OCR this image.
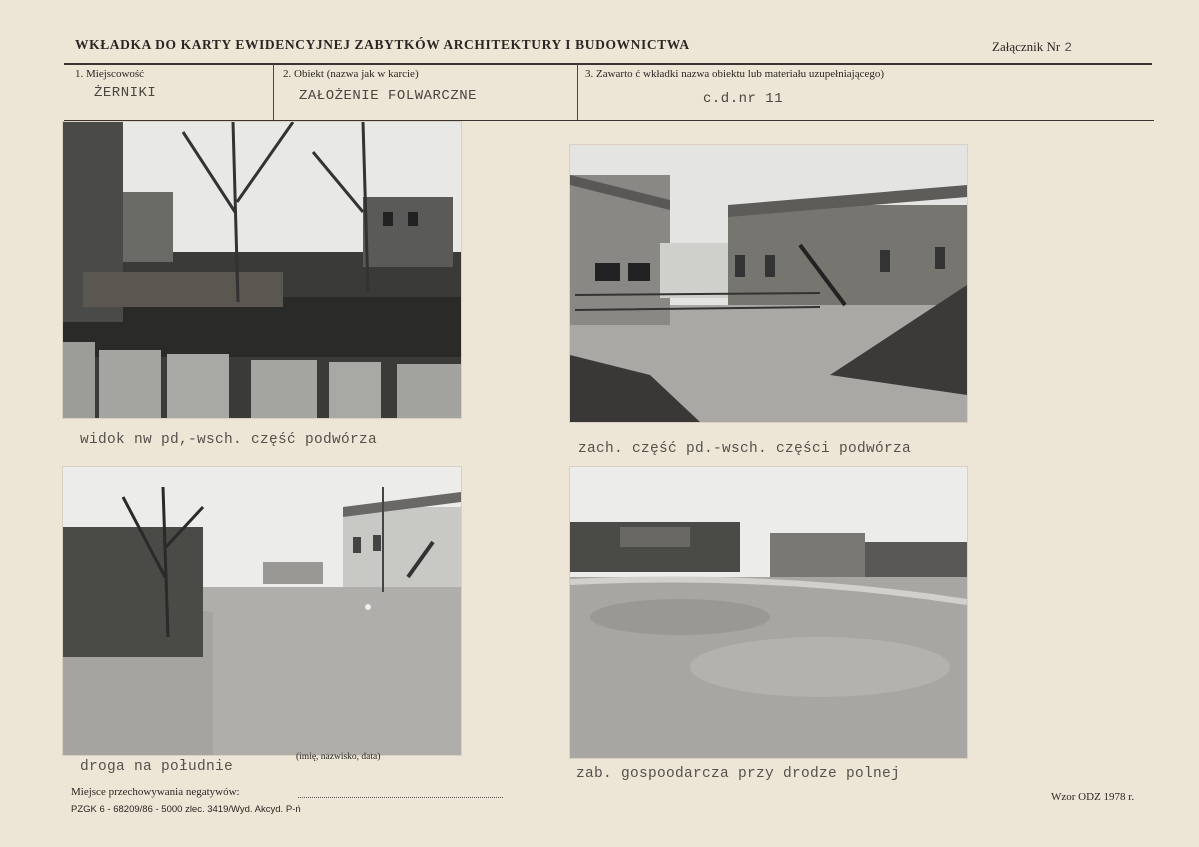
WKŁADKA DO KARTY EWIDENCYJNEJ ZABYTKÓW ARCHITEKTURY I BUDOWNICTWA	Załącznik Nr 2
1. Miejscowość
ŻERNIKI
2. Obiekt (nazwa jak w karcie)
ZAŁOŻENIE FOLWARCZNE
3. Zawarto ć wkładki nazwa obiektu lub materiału uzupełniającego)
c.d.nr 11
widok nw pd,-wsch. część podwórza
zach. część pd.-wsch. części podwórza
droga na południe	zab. gospoodarcza przy drodze polnej
(imię, nazwisko, data)
Miejsce przechowywania negatywów:
PZGK 6 - 68209/86 - 5000 zlec. 3419/Wyd. Akcyd. P-ń
Wzor ODZ 1978 r.
